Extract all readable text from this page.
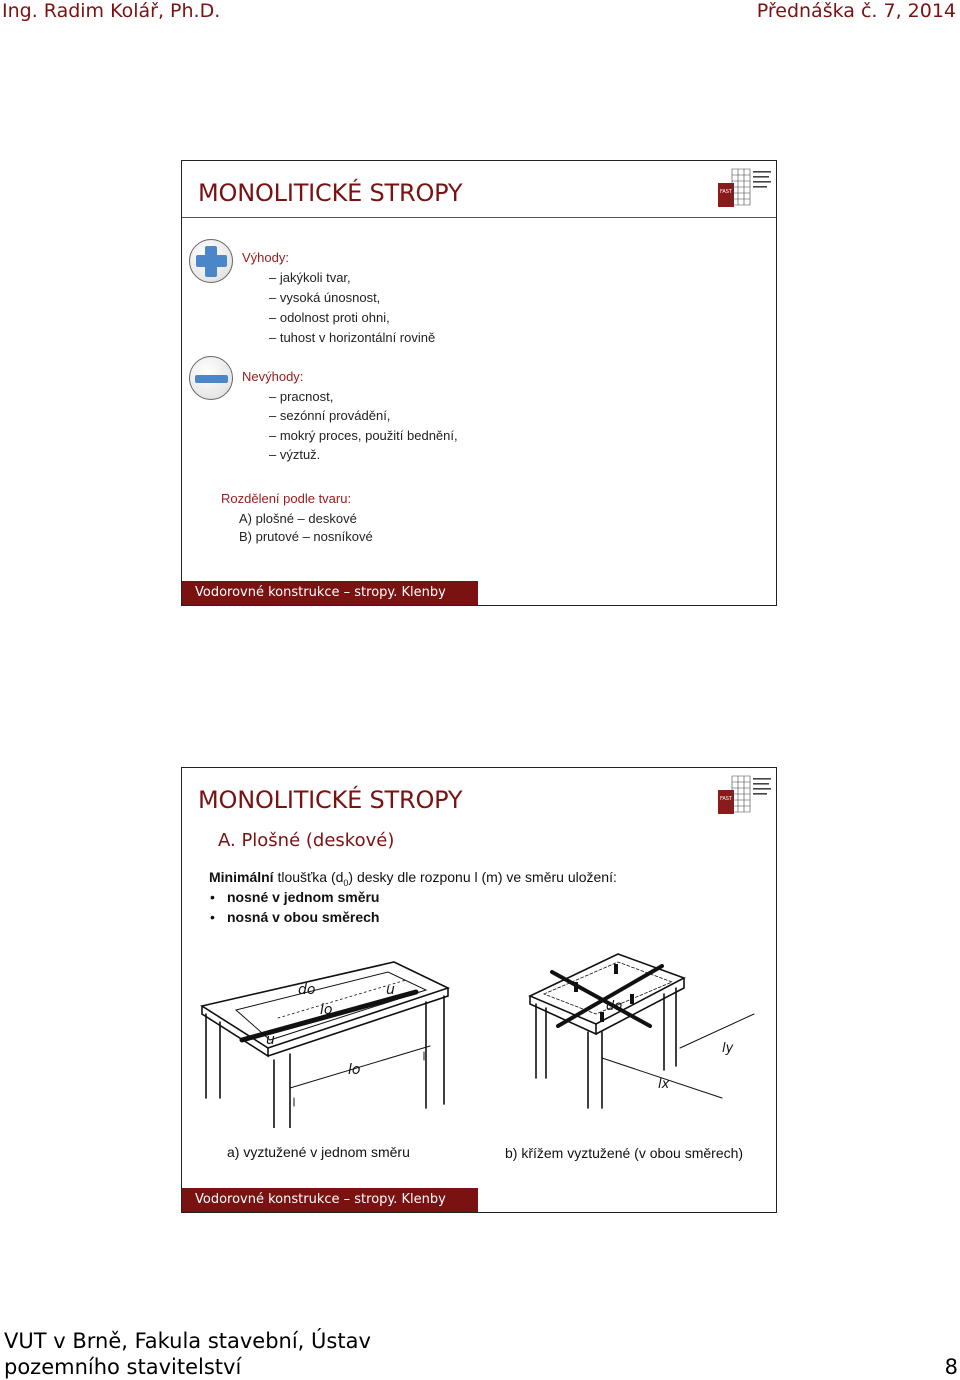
Ing. Radim Kolář, Ph.D.	Přednáška č. 7, 2014
MONOLITICKÉ STROPY	FAST
Výhody:
– jakýkoli tvar,
– vysoká únosnost,
– odolnost proti ohni,
– tuhost v horizontální rovině
Nevýhody:
– pracnost,
– sezónní provádění,
– mokrý proces, použití bednění,
– výztuž.
Rozdělení podle tvaru:
A) plošné – deskové
B) prutové – nosníkové
Vodorovné konstrukce – stropy. Klenby
MONOLITICKÉ STROPY	FAST
A. Plošné (deskové)
Minimální tloušťka $(d_0)$ desky dle rozponu l (m) ve směru uložení:
• nosné v jednom směru
• nosná v obou směrech
do
lo
lo
u
u
do
lx
ly
a) vyztužené v jednom směru	b) křížem vyztužené (v obou směrech)
Vodorovné konstrukce – stropy. Klenby
VUT v Brně, Fakula stavební, Ústav
pozemního stavitelství	8
